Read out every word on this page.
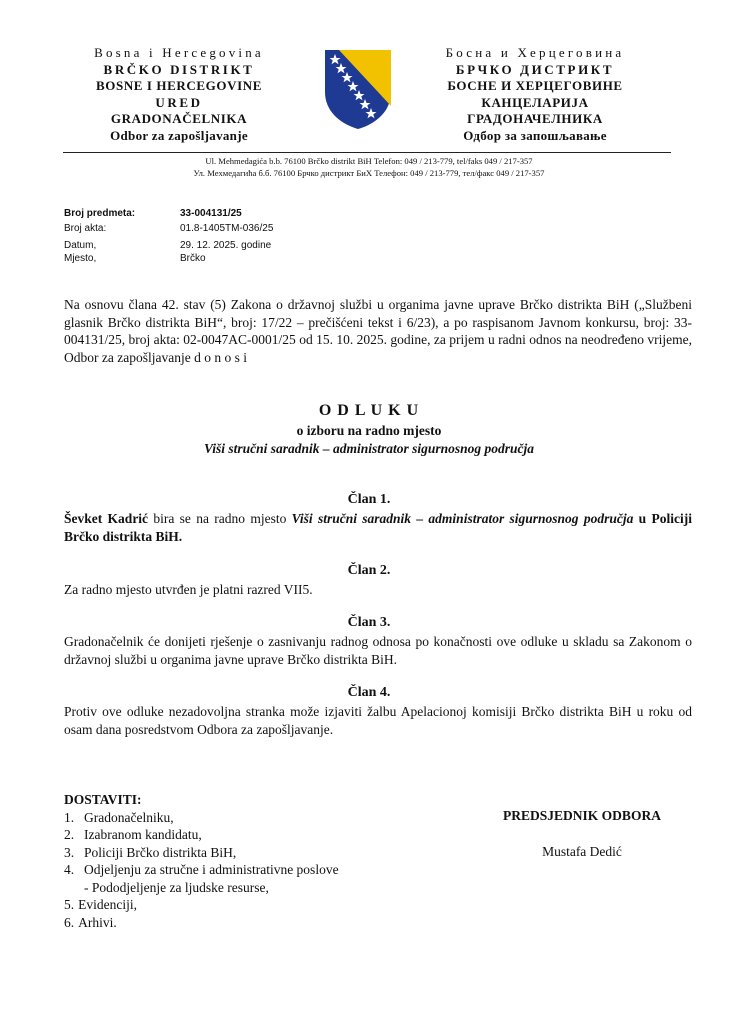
Bosna i Hercegovina
BRČKO DISTRIKT
BOSNE I HERCEGOVINE
URED
GRADONAČELNIKA
Odbor za zapošljavanje
Босна и Херцеговина
БРЧКО ДИСТРИКТ
БОСНЕ И ХЕРЦЕГОВИНЕ
КАНЦЕЛАРИЈА
ГРАДОНАЧЕЛНИКА
Одбор за запошљавање
Ul. Mehmedagića b.b. 76100 Brčko distrikt BiH Telefon: 049 / 213-779, tel/faks 049 / 217-357
Ул. Мехмедагића б.б. 76100 Брчко дистрикт БиХ Телефон: 049 / 213-779, тел/факс 049 / 217-357
Broj predmeta:	33-004131/25
Broj akta:	01.8-1405TM-036/25
Datum,	29. 12. 2025. godine
Mjesto,	Brčko
Na osnovu člana 42. stav (5) Zakona o državnoj službi u organima javne uprave Brčko distrikta BiH („Službeni glasnik Brčko distrikta BiH“, broj: 17/22 – prečišćeni tekst i 6/23), a po raspisanom Javnom konkursu, broj: 33-004131/25, broj akta: 02-0047AC-0001/25 od 15. 10. 2025. godine, za prijem u radni odnos na neodređeno vrijeme, Odbor za zapošljavanje d o n o s i
O D L U K U
o izboru na radno mjesto
Viši stručni saradnik – administrator sigurnosnog područja
Član 1.
Ševket Kadrić bira se na radno mjesto Viši stručni saradnik – administrator sigurnosnog područja u Policiji Brčko distrikta BiH.
Član 2.
Za radno mjesto utvrđen je platni razred VII5.
Član 3.
Gradonačelnik će donijeti rješenje o zasnivanju radnog odnosa po konačnosti ove odluke u skladu sa Zakonom o državnoj službi u organima javne uprave Brčko distrikta BiH.
Član 4.
Protiv ove odluke nezadovoljna stranka može izjaviti žalbu Apelacionoj komisiji Brčko distrikta BiH u roku od osam dana posredstvom Odbora za zapošljavanje.
DOSTAVITI:
1. Gradonačelniku,
2. Izabranom kandidatu,
3. Policiji Brčko distrikta BiH,
4. Odjeljenju za stručne i administrativne poslove
- Pododjeljenje za ljudske resurse,
5. Evidenciji,
6. Arhivi.
PREDSJEDNIK ODBORA
Mustafa Dedić
